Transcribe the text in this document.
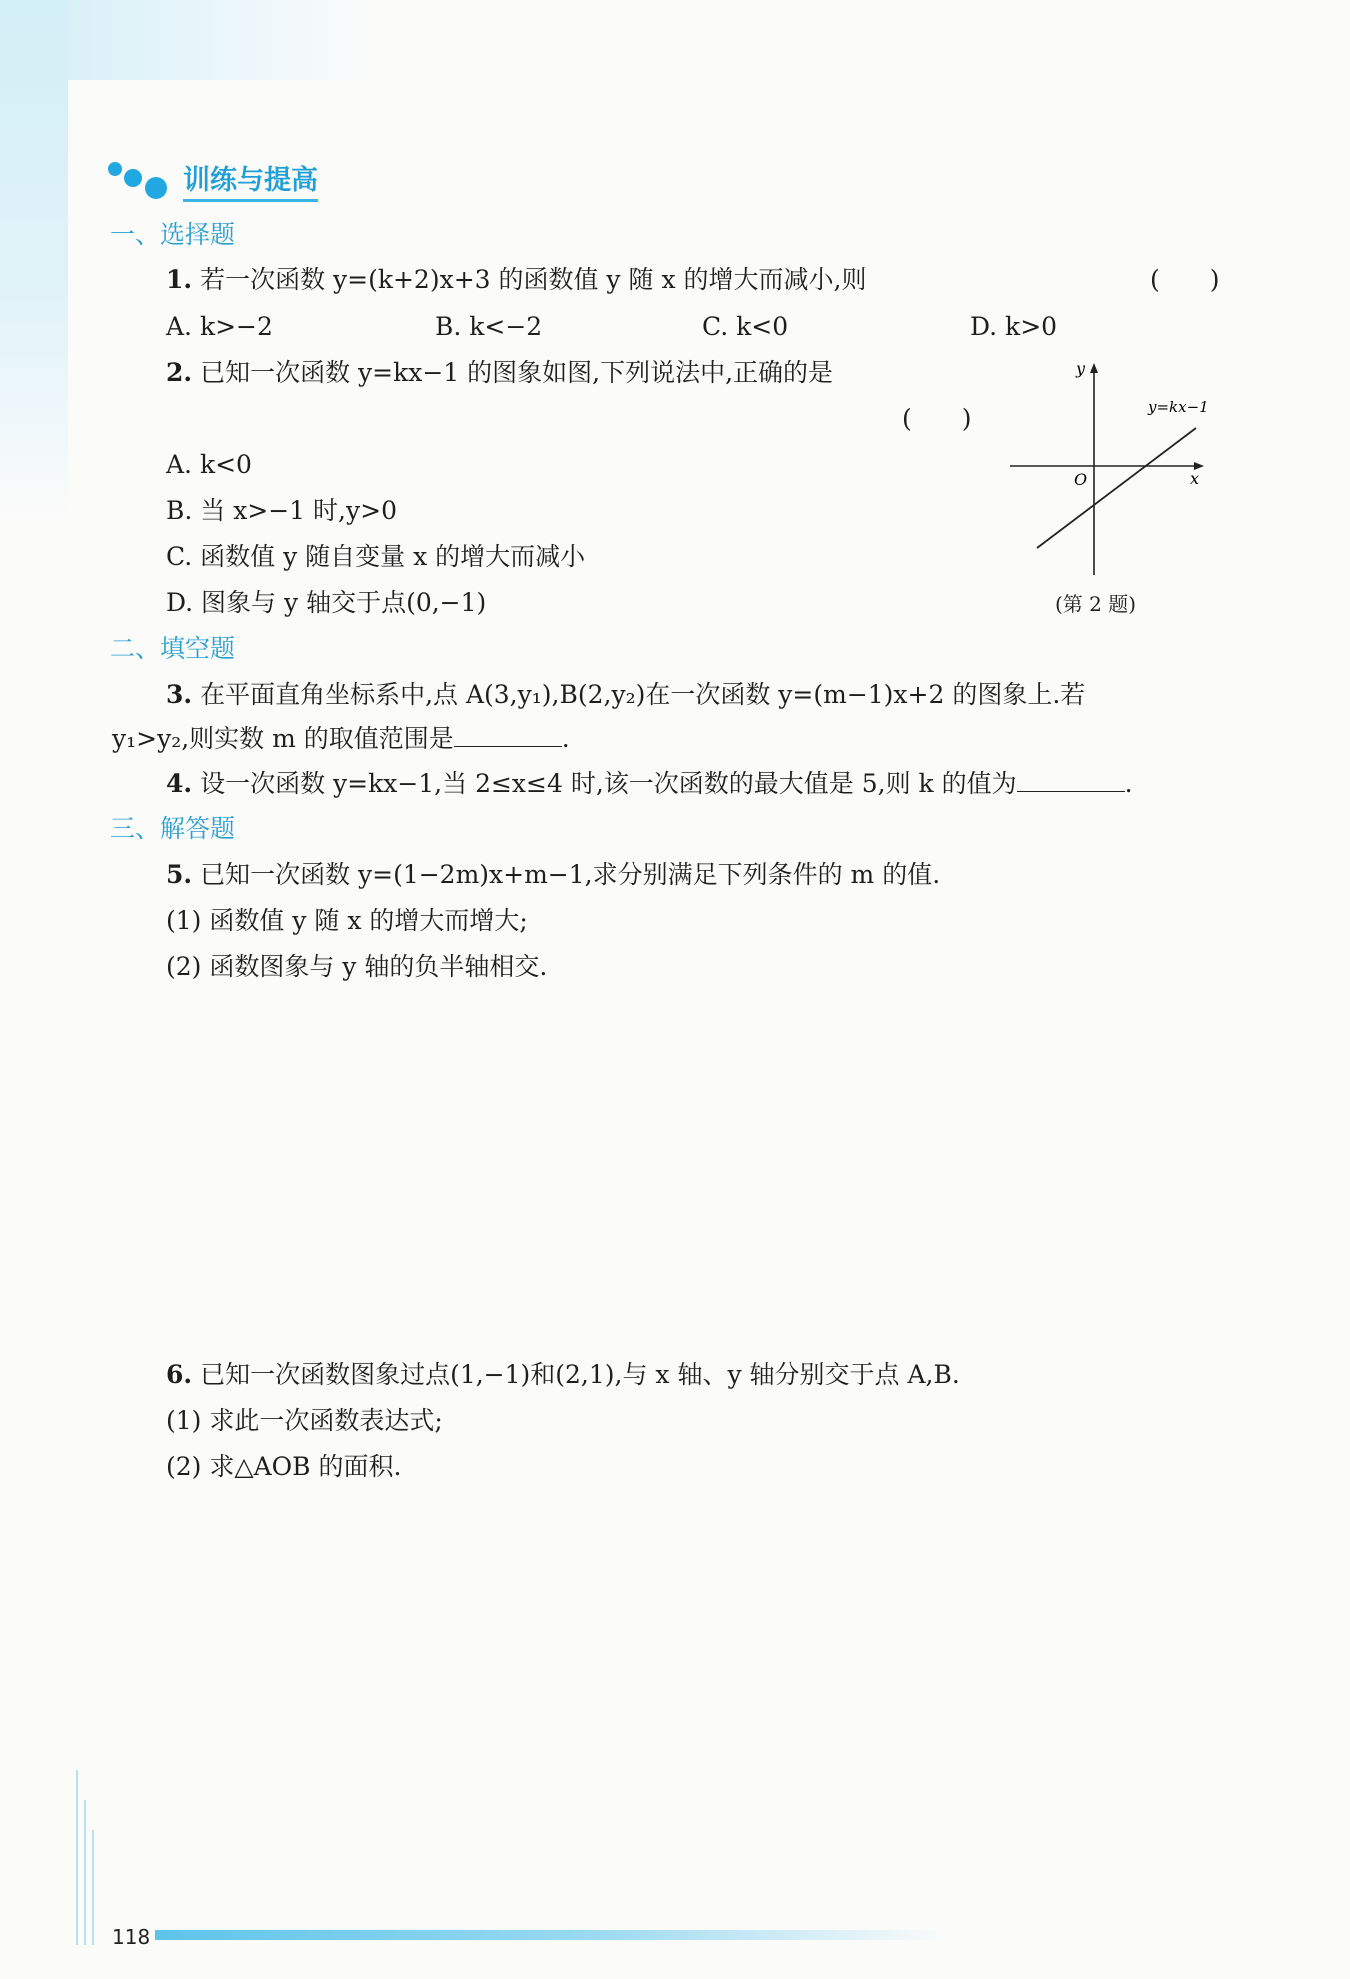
训练与提高
一、选择题
1. 若一次函数 y=(k+2)x+3 的函数值 y 随 x 的增大而减小,则	(　　)
A. k>−2	B. k<−2	C. k<0	D. k>0
2. 已知一次函数 y=kx−1 的图象如图,下列说法中,正确的是
(　　)
A. k<0
B. 当 x>−1 时,y>0
C. 函数值 y 随自变量 x 的增大而减小
D. 图象与 y 轴交于点(0,−1)
y
x
O
y=kx−1
(第 2 题)
二、填空题
3. 在平面直角坐标系中,点 A(3,y₁),B(2,y₂)在一次函数 y=(m−1)x+2 的图象上.若
y₁>y₂,则实数 m 的取值范围是	.
4. 设一次函数 y=kx−1,当 2≤x≤4 时,该一次函数的最大值是 5,则 k 的值为	.
三、解答题
5. 已知一次函数 y=(1−2m)x+m−1,求分别满足下列条件的 m 的值.
(1) 函数值 y 随 x 的增大而增大;
(2) 函数图象与 y 轴的负半轴相交.
6. 已知一次函数图象过点(1,−1)和(2,1),与 x 轴、y 轴分别交于点 A,B.
(1) 求此一次函数表达式;
(2) 求△AOB 的面积.
118
